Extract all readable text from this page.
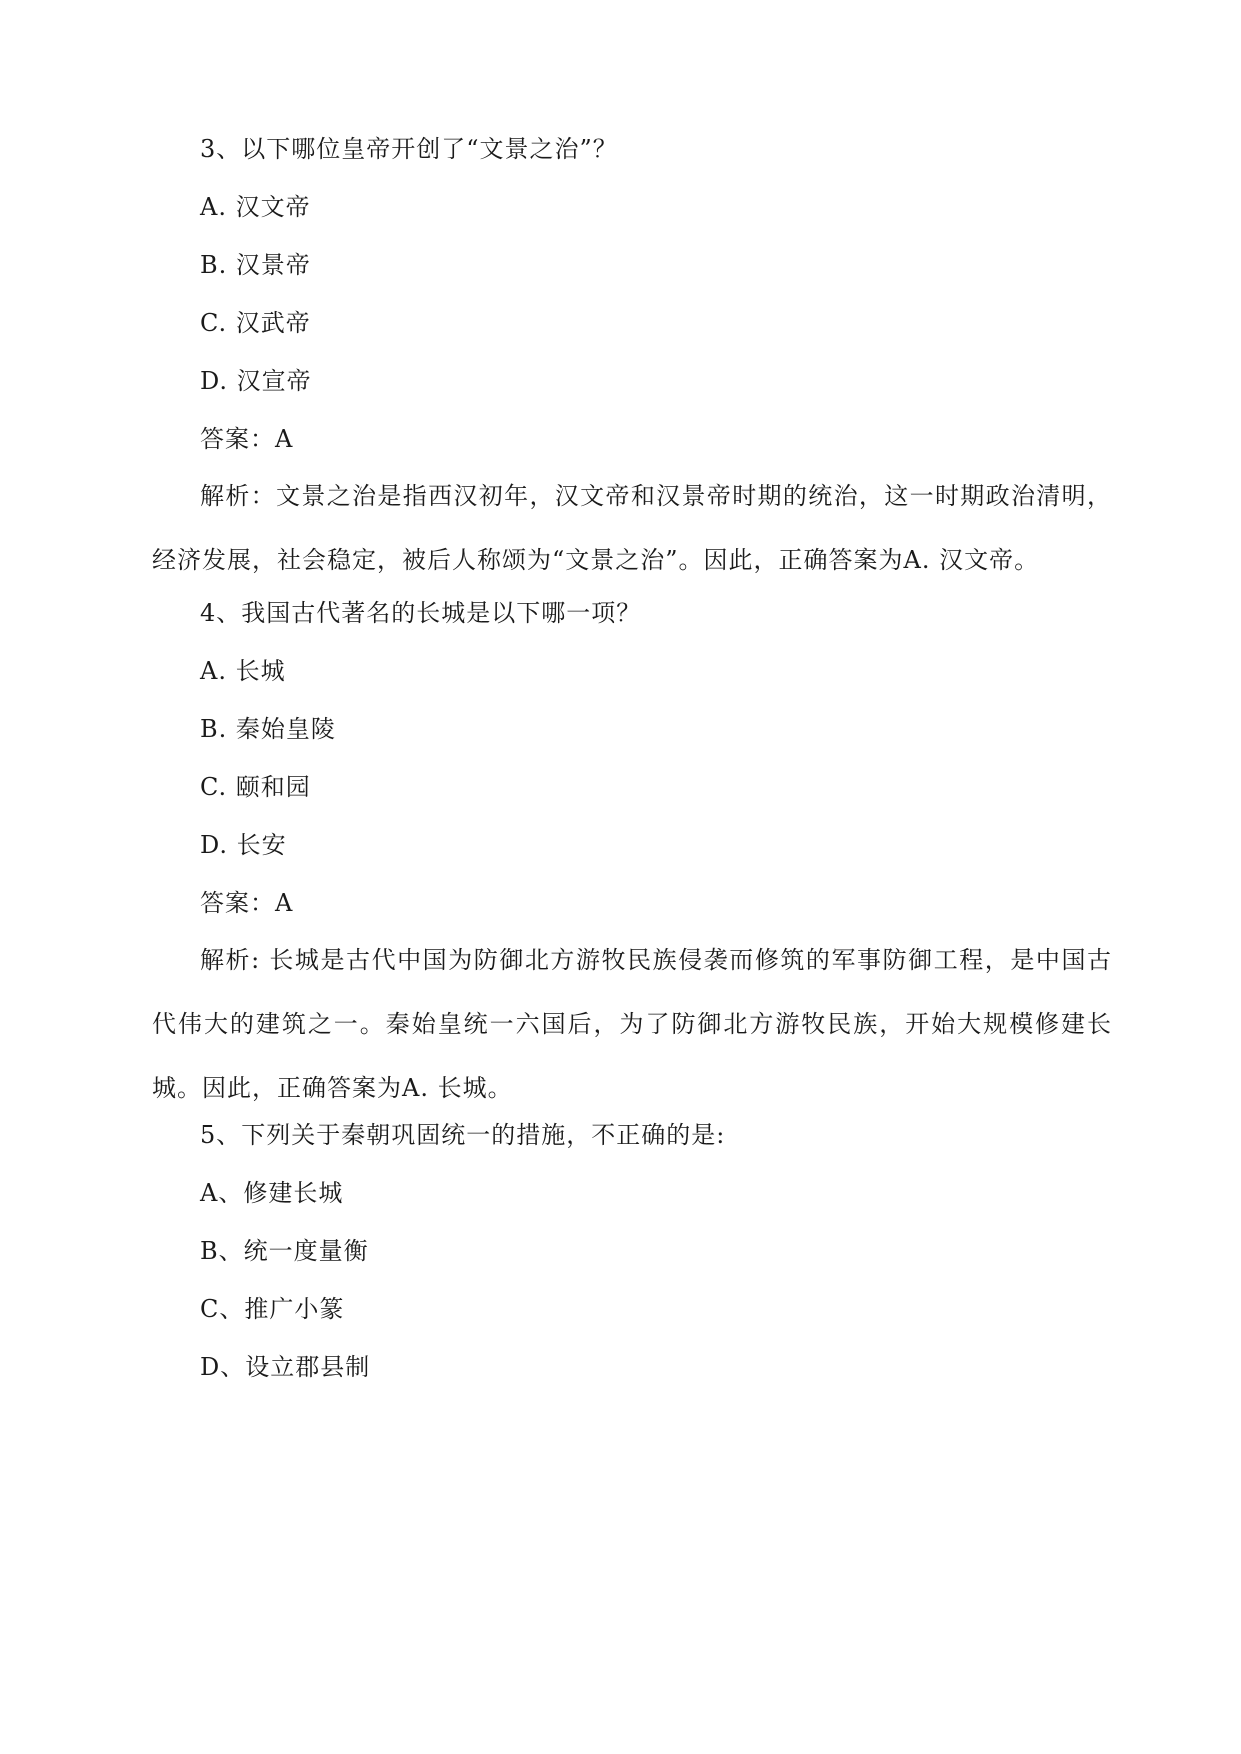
3、以下哪位皇帝开创了“文景之治”？
A. 汉文帝
B. 汉景帝
C. 汉武帝
D. 汉宣帝
答案：A
解析：文景之治是指西汉初年，汉文帝和汉景帝时期的统治，这一时期政治清明，经济发展，社会稳定，被后人称颂为“文景之治”。因此，正确答案为A. 汉文帝。
4、我国古代著名的长城是以下哪一项？
A. 长城
B. 秦始皇陵
C. 颐和园
D. 长安
答案：A
解析: 长城是古代中国为防御北方游牧民族侵袭而修筑的军事防御工程，是中国古代伟大的建筑之一。秦始皇统一六国后，为了防御北方游牧民族，开始大规模修建长城。因此，正确答案为A. 长城。
5、下列关于秦朝巩固统一的措施，不正确的是:
A、修建长城
B、统一度量衡
C、推广小篆
D、设立郡县制
